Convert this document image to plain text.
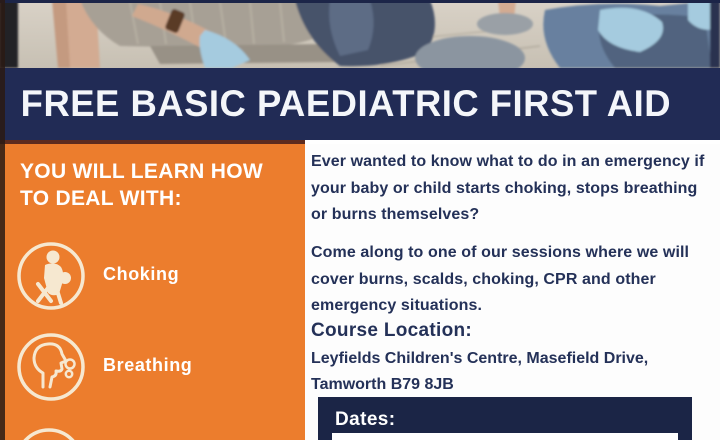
FREE BASIC PAEDIATRIC FIRST AID
YOU WILL LEARN HOW TO DEAL WITH:
Choking
Breathing

Ever wanted to know what to do in an emergency if your baby or child starts choking, stops breathing or burns themselves?

Come along to one of our sessions where we will cover burns, scalds, choking, CPR and other emergency situations.

Course Location:

Leyfields Children's Centre, Masefield Drive, Tamworth B79 8JB

Dates:
